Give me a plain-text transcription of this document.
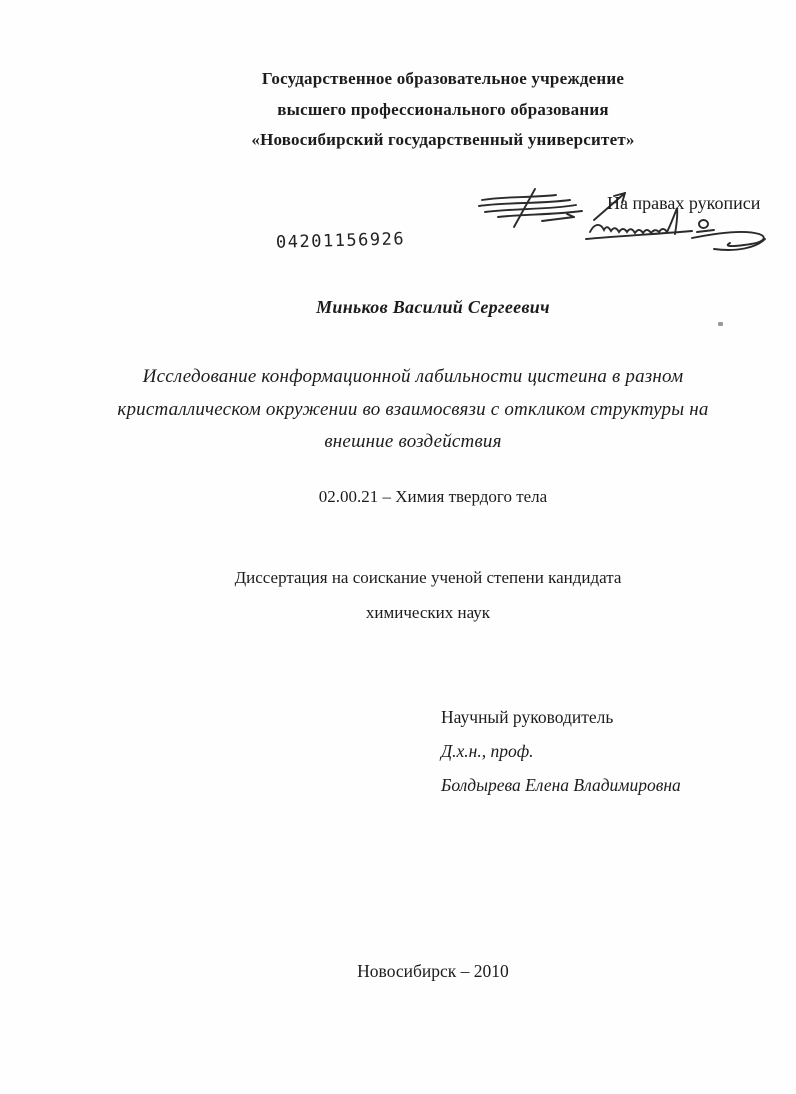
Государственное образовательное учреждение
высшего профессионального образования
«Новосибирский государственный университет»
На правах рукописи
04201156926
Миньков Василий Сергеевич
Исследование конформационной лабильности цистеина в разном
кристаллическом окружении во взаимосвязи с откликом структуры на
внешние воздействия
02.00.21 – Химия твердого тела
Диссертация на соискание ученой степени кандидата
химических наук
Научный руководитель
Д.х.н., проф.
Болдырева Елена Владимировна
Новосибирск – 2010
